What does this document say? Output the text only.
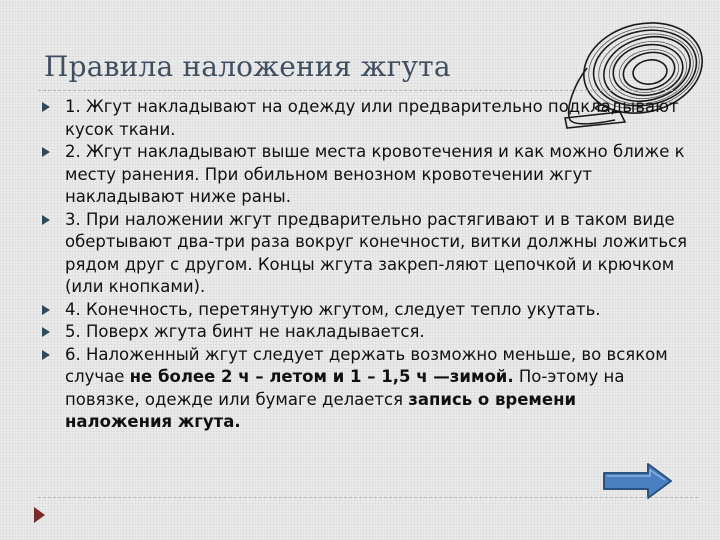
Правила наложения жгута
1. Жгут накладывают на одежду или предварительно подкладывают кусок ткани.
2. Жгут накладывают выше места кровотечения и как можно ближе к месту ранения. При обильном венозном кровотечении жгут накладывают ниже раны.
3. При наложении жгут предварительно растягивают и в таком виде обертывают два-три раза вокруг конечности, витки должны ложиться рядом друг с другом. Концы жгута закреп-ляют цепочкой и крючком (или кнопками).
4. Конечность, перетянутую жгутом, следует тепло укутать.
5. Поверх жгута бинт не накладывается.
6. Наложенный жгут следует держать возможно меньше, во всяком случае не более 2 ч – летом и 1 – 1,5 ч —зимой. По-этому на повязке, одежде или бумаге делается запись о времени наложения жгута.
